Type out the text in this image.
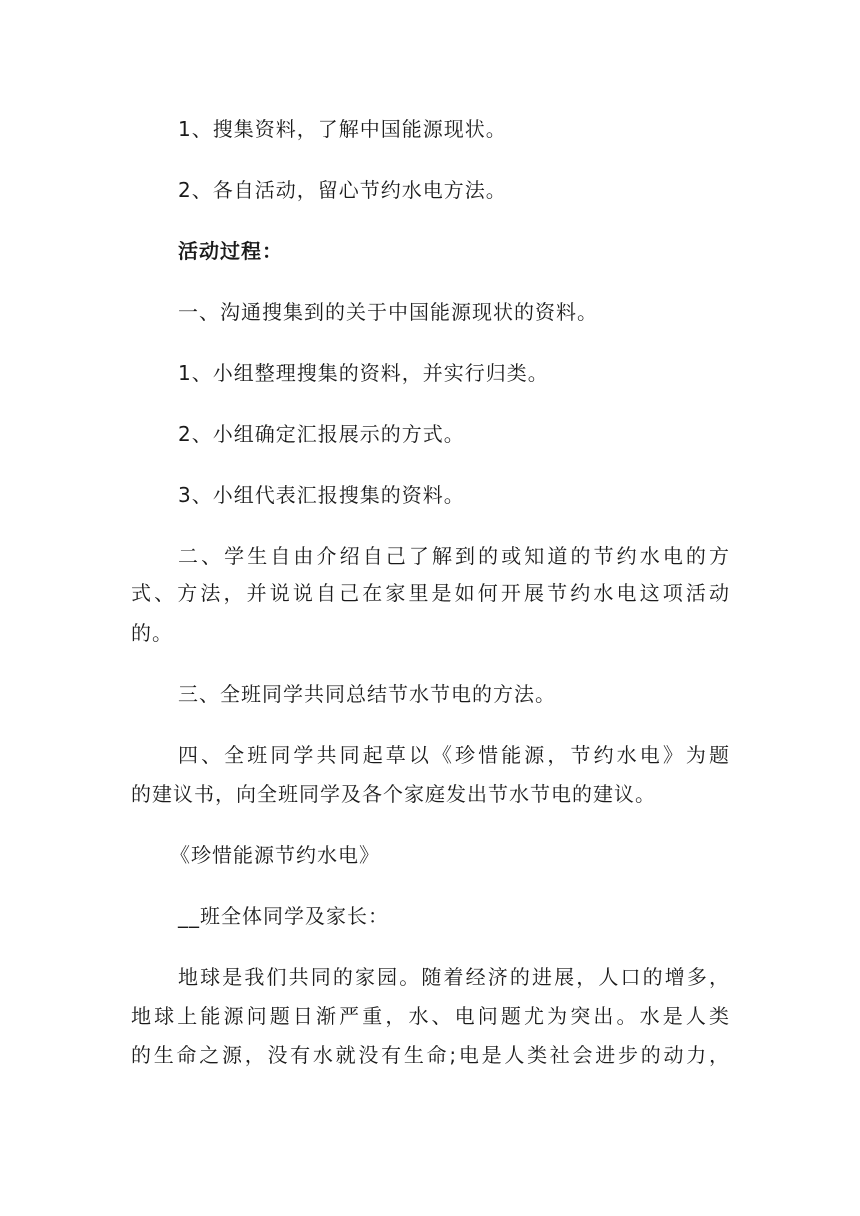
1、搜集资料，了解中国能源现状。

2、各自活动，留心节约水电方法。

活动过程：

一、沟通搜集到的关于中国能源现状的资料。

1、小组整理搜集的资料，并实行归类。

2、小组确定汇报展示的方式。

3、小组代表汇报搜集的资料。

二、学生自由介绍自己了解到的或知道的节约水电的方

式、方法，并说说自己在家里是如何开展节约水电这项活动

的。

三、全班同学共同总结节水节电的方法。

四、全班同学共同起草以《珍惜能源，节约水电》为题

的建议书，向全班同学及各个家庭发出节水节电的建议。

《珍惜能源节约水电》

__班全体同学及家长：

地球是我们共同的家园。随着经济的进展，人口的增多，

地球上能源问题日渐严重，水、电问题尤为突出。水是人类

的生命之源，没有水就没有生命;电是人类社会进步的动力，
